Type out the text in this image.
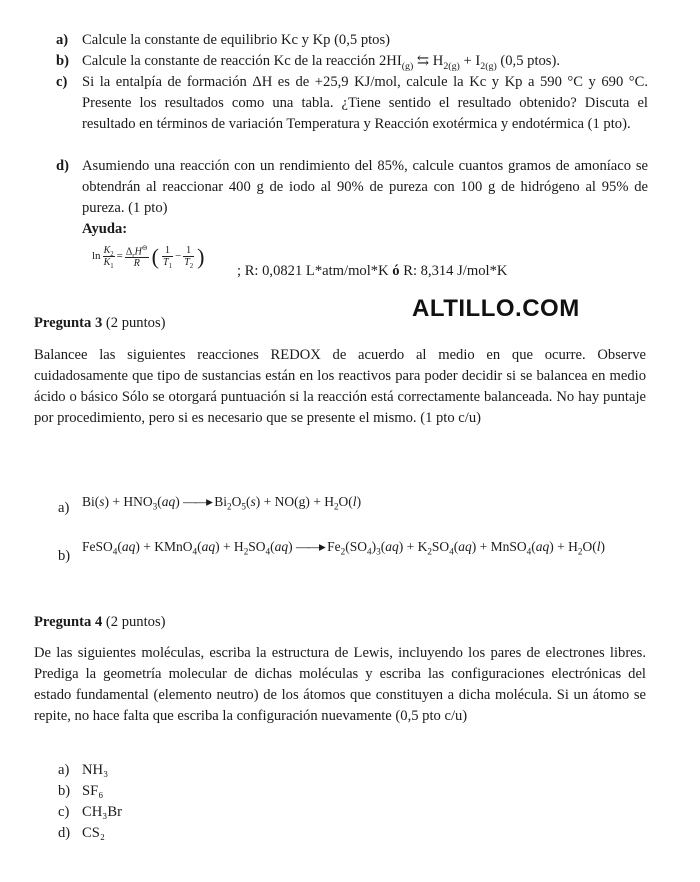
a) Calcule la constante de equilibrio Kc y Kp (0,5 ptos)
b) Calcule la constante de reacción Kc de la reacción $2HI_{(g)}$ ⇆ $H_{2(g)} + I_{2(g)}$ (0,5 ptos).
c) Si la entalpía de formación ΔH es de +25,9 KJ/mol, calcule la Kc y Kp a 590 °C y 690 °C. Presente los resultados como una tabla. ¿Tiene sentido el resultado obtenido? Discuta el resultado en términos de variación Temperatura y Reacción exotérmica y endotérmica (1 pto).
d) Asumiendo una reacción con un rendimiento del 85%, calcule cuantos gramos de amoníaco se obtendrán al reaccionar 400 g de iodo al 90% de pureza con 100 g de hidrógeno al 95% de pureza. (1 pto)
Ayuda:
$\ln \frac{K_2}{K_1} = \frac{\Delta_rH^⊖}{R}$ ( $\frac{1}{T_1} - \frac{1}{T_2}$ )
; R: 0,0821 L*atm/mol*K ó R: 8,314 J/mol*K
ALTILLO.COM
Pregunta 3 (2 puntos)
Balancee las siguientes reacciones REDOX de acuerdo al medio en que ocurre. Observe cuidadosamente que tipo de sustancias están en los reactivos para poder decidir si se balancea en medio ácido o básico Sólo se otorgará puntuación si la reacción está correctamente balanceada. No hay puntaje por procedimiento, pero si es necesario que se presente el mismo. (1 pto c/u)
a) $Bi(s) + HNO_3(aq)$ ——▸ $Bi_2O_5(s) + NO(g) + H_2O(l)$
b)
FeSO$_4$(aq) + KMnO$_4$(aq) + $H_2SO_4(aq)$ ——▸ $Fe_2(SO_4)_3(aq) + K_2SO_4(aq)$ + MnSO$_4$(aq) + $H_2O(l)$
Pregunta 4 (2 puntos)
De las siguientes moléculas, escriba la estructura de Lewis, incluyendo los pares de electrones libres. Prediga la geometría molecular de dichas moléculas y escriba las configuraciones electrónicas del estado fundamental (elemento neutro) de los átomos que constituyen a dicha molécula. Si un átomo se repite, no hace falta que escriba la configuración nuevamente (0,5 pto c/u)
a) NH₃
b) SF₆
c) CH₃Br
d) CS₂
